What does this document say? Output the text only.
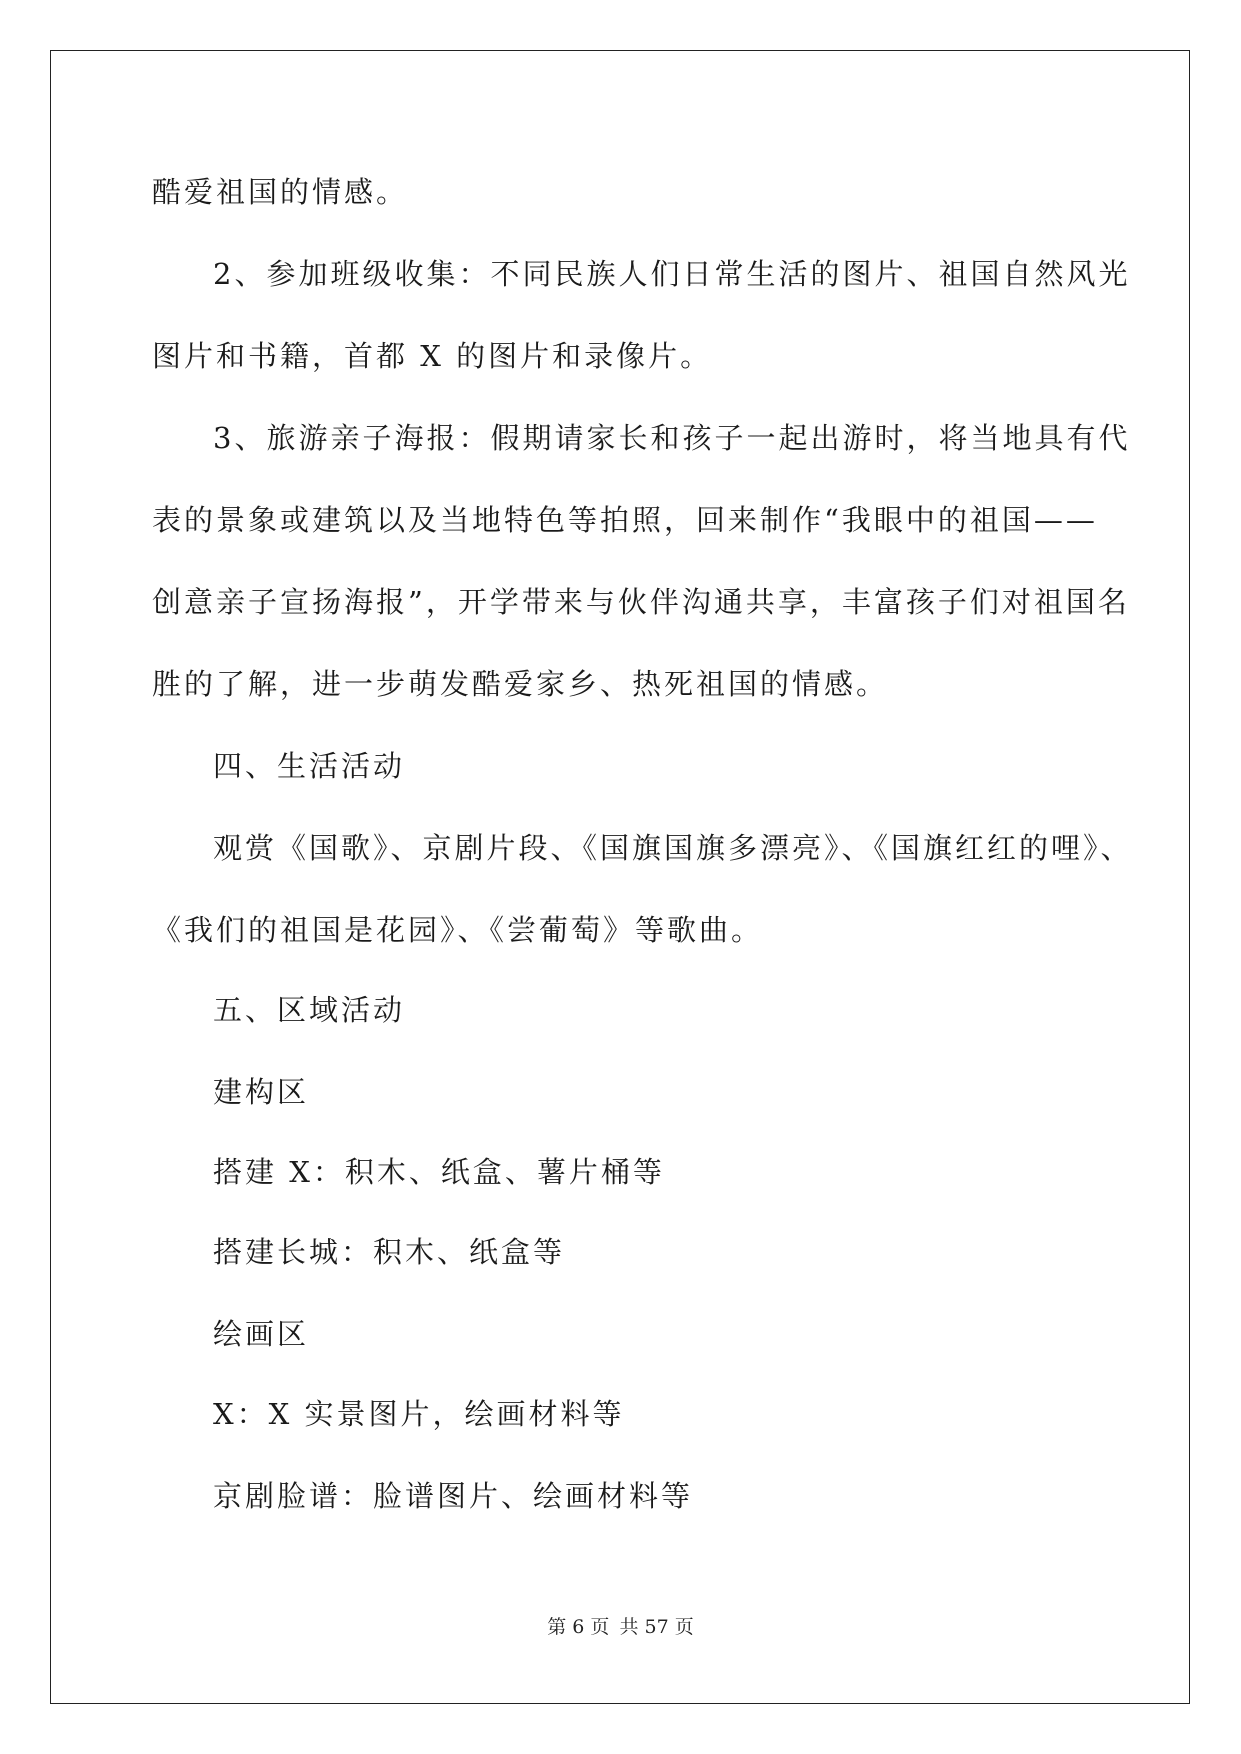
酷爱祖国的情感。
2、参加班级收集：不同民族人们日常生活的图片、祖国自然风光
图片和书籍，首都 X 的图片和录像片。
3、旅游亲子海报：假期请家长和孩子一起出游时，将当地具有代
表的景象或建筑以及当地特色等拍照，回来制作“我眼中的祖国——
创意亲子宣扬海报”，开学带来与伙伴沟通共享，丰富孩子们对祖国名
胜的了解，进一步萌发酷爱家乡、热死祖国的情感。
四、生活活动
观赏《国歌》、京剧片段、《国旗国旗多漂亮》、《国旗红红的哩》、
《我们的祖国是花园》、《尝葡萄》等歌曲。
五、区域活动
建构区
搭建 X：积木、纸盒、薯片桶等
搭建长城：积木、纸盒等
绘画区
X：X 实景图片，绘画材料等
京剧脸谱：脸谱图片、绘画材料等
第 6 页 共 57 页
